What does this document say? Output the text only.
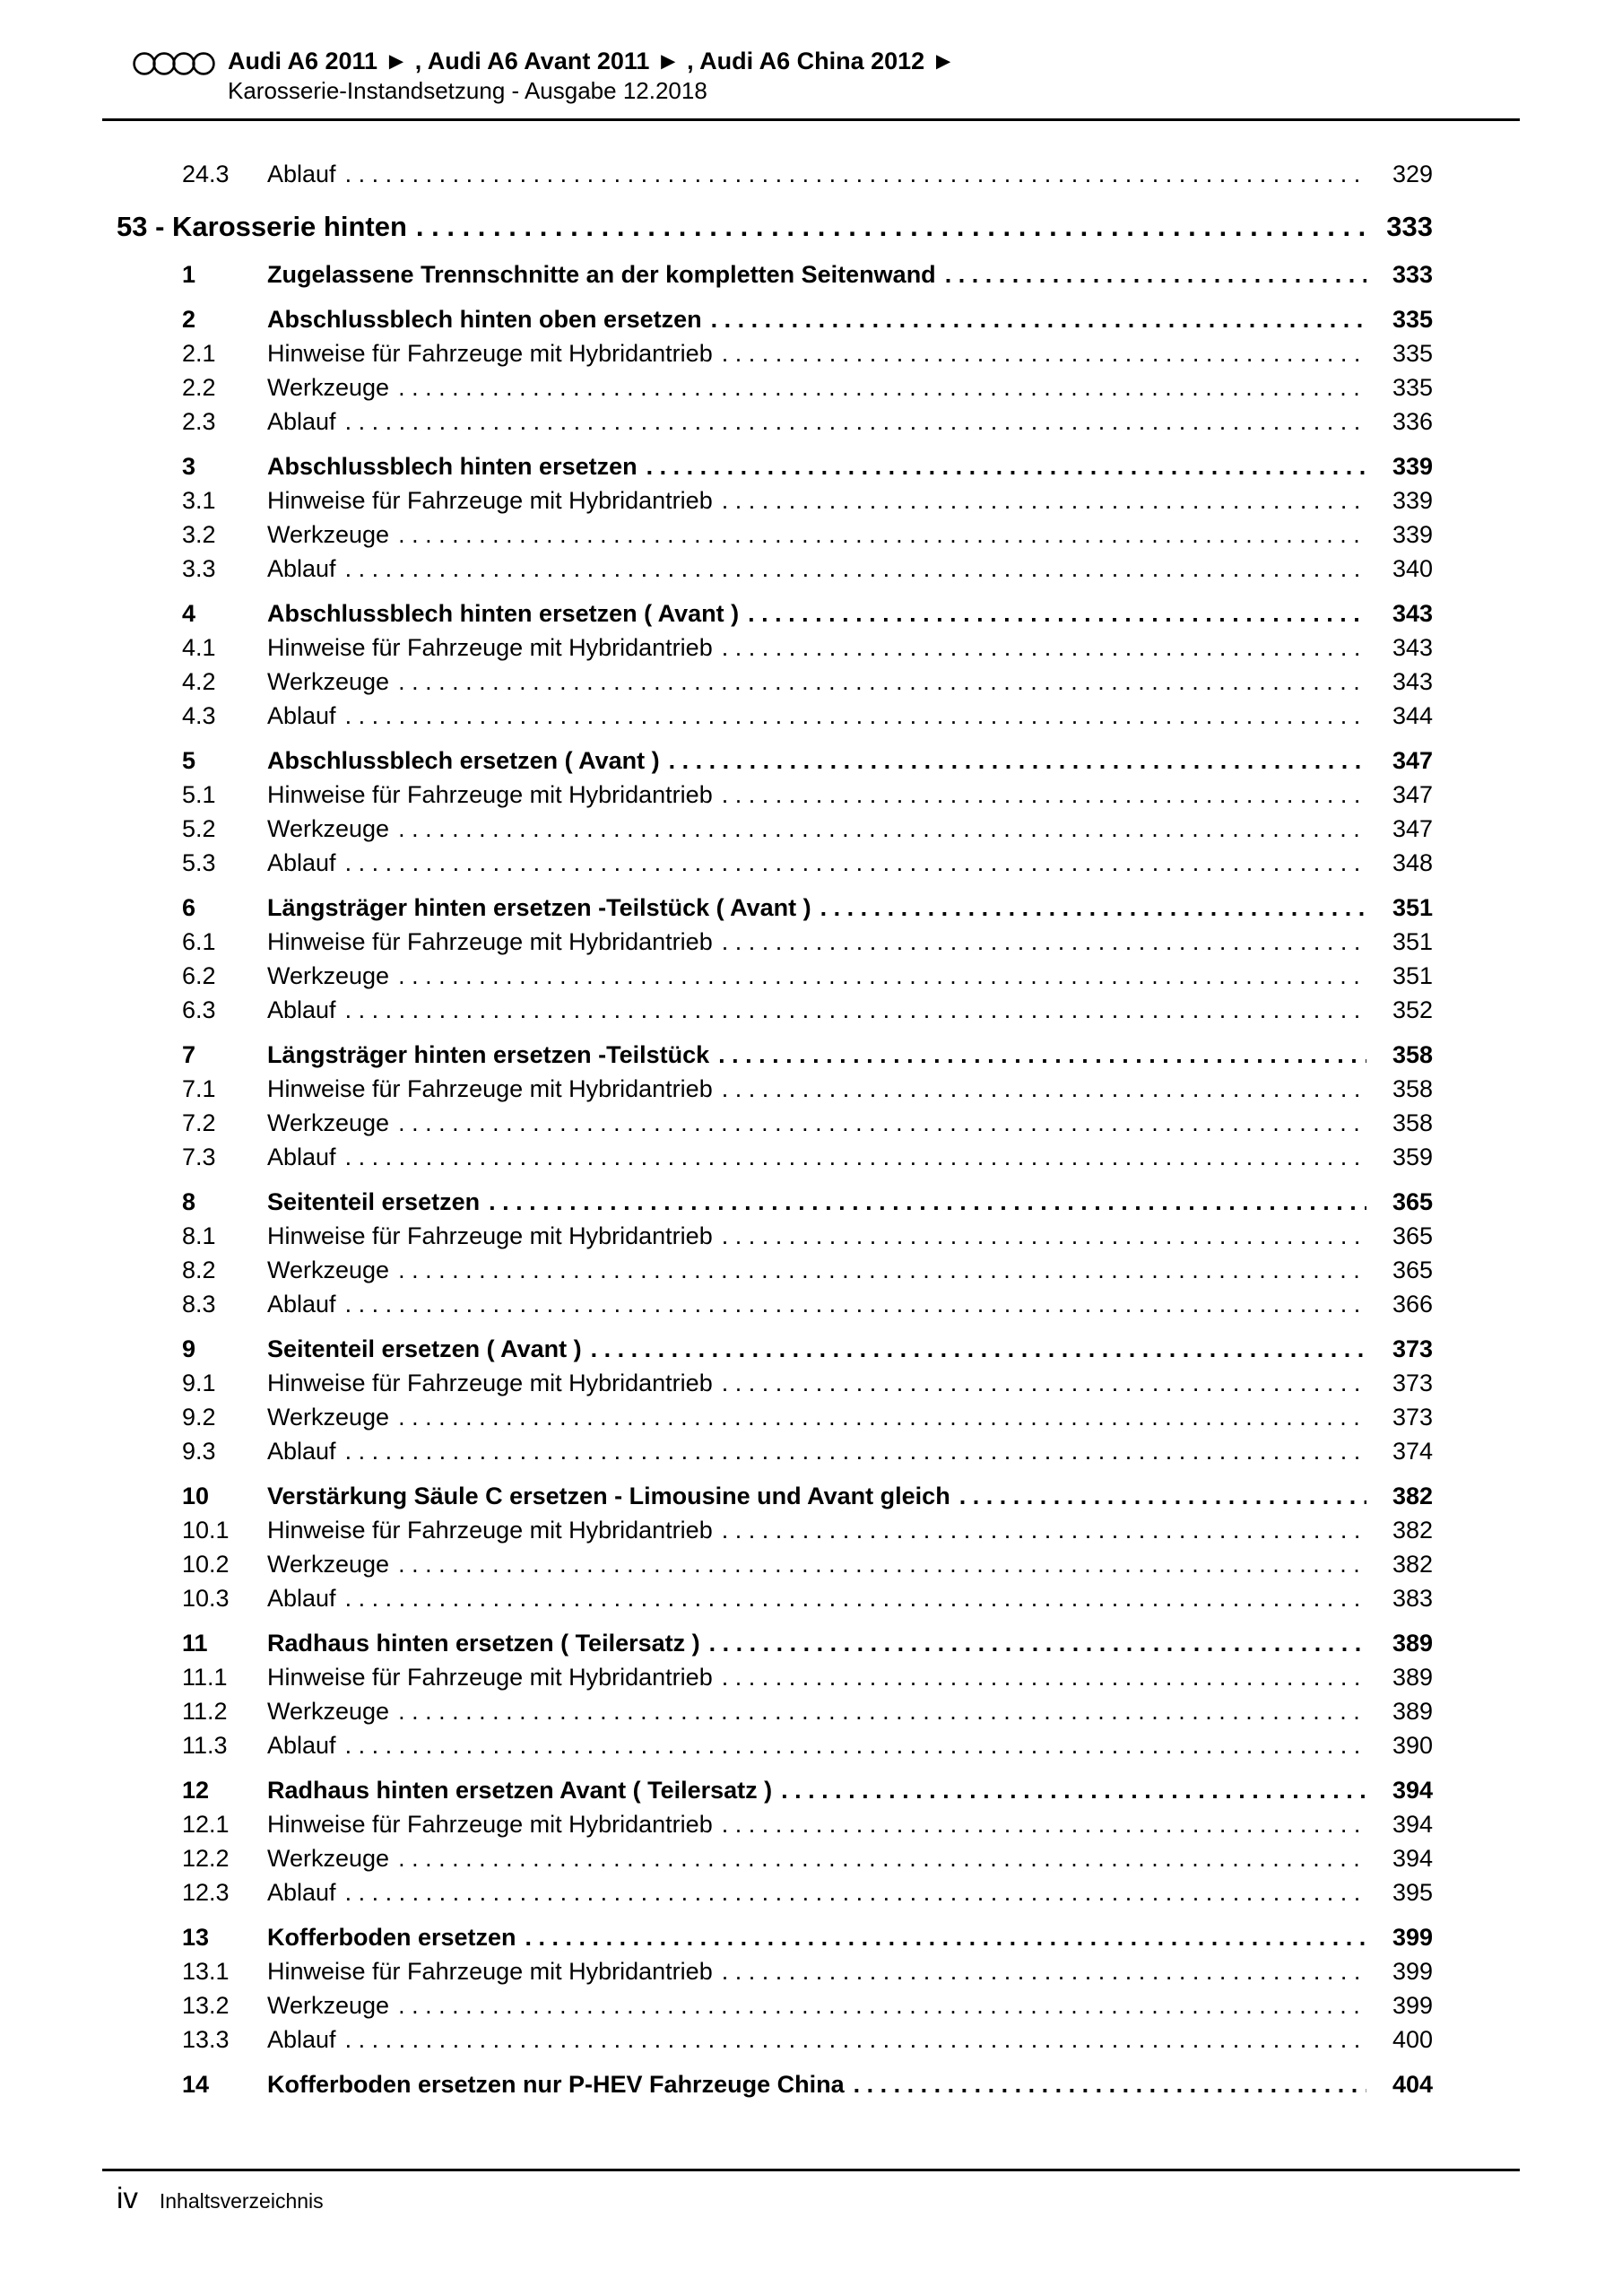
Audi A6 2011 ► , Audi A6 Avant 2011 ► , Audi A6 China 2012 ►
Karosserie-Instandsetzung - Ausgabe 12.2018
24.3	Ablauf . . .	329
53 - Karosserie hinten . . .	333
1	Zugelassene Trennschnitte an der kompletten Seitenwand . . .	333
2	Abschlussblech hinten oben ersetzen . . .	335
2.1	Hinweise für Fahrzeuge mit Hybridantrieb . . .	335
2.2	Werkzeuge . . .	335
2.3	Ablauf . . .	336
3	Abschlussblech hinten ersetzen . . .	339
3.1	Hinweise für Fahrzeuge mit Hybridantrieb . . .	339
3.2	Werkzeuge . . .	339
3.3	Ablauf . . .	340
4	Abschlussblech hinten ersetzen ( Avant ) . . .	343
4.1	Hinweise für Fahrzeuge mit Hybridantrieb . . .	343
4.2	Werkzeuge . . .	343
4.3	Ablauf . . .	344
5	Abschlussblech ersetzen ( Avant ) . . .	347
5.1	Hinweise für Fahrzeuge mit Hybridantrieb . . .	347
5.2	Werkzeuge . . .	347
5.3	Ablauf . . .	348
6	Längsträger hinten ersetzen -Teilstück ( Avant ) . . .	351
6.1	Hinweise für Fahrzeuge mit Hybridantrieb . . .	351
6.2	Werkzeuge . . .	351
6.3	Ablauf . . .	352
7	Längsträger hinten ersetzen -Teilstück . . .	358
7.1	Hinweise für Fahrzeuge mit Hybridantrieb . . .	358
7.2	Werkzeuge . . .	358
7.3	Ablauf . . .	359
8	Seitenteil ersetzen . . .	365
8.1	Hinweise für Fahrzeuge mit Hybridantrieb . . .	365
8.2	Werkzeuge . . .	365
8.3	Ablauf . . .	366
9	Seitenteil ersetzen ( Avant ) . . .	373
9.1	Hinweise für Fahrzeuge mit Hybridantrieb . . .	373
9.2	Werkzeuge . . .	373
9.3	Ablauf . . .	374
10	Verstärkung Säule C ersetzen - Limousine und Avant gleich . . .	382
10.1	Hinweise für Fahrzeuge mit Hybridantrieb . . .	382
10.2	Werkzeuge . . .	382
10.3	Ablauf . . .	383
11	Radhaus hinten ersetzen ( Teilersatz ) . . .	389
11.1	Hinweise für Fahrzeuge mit Hybridantrieb . . .	389
11.2	Werkzeuge . . .	389
11.3	Ablauf . . .	390
12	Radhaus hinten ersetzen Avant ( Teilersatz ) . . .	394
12.1	Hinweise für Fahrzeuge mit Hybridantrieb . . .	394
12.2	Werkzeuge . . .	394
12.3	Ablauf . . .	395
13	Kofferboden ersetzen . . .	399
13.1	Hinweise für Fahrzeuge mit Hybridantrieb . . .	399
13.2	Werkzeuge . . .	399
13.3	Ablauf . . .	400
14	Kofferboden ersetzen nur P-HEV Fahrzeuge China . . .	404
iv Inhaltsverzeichnis
